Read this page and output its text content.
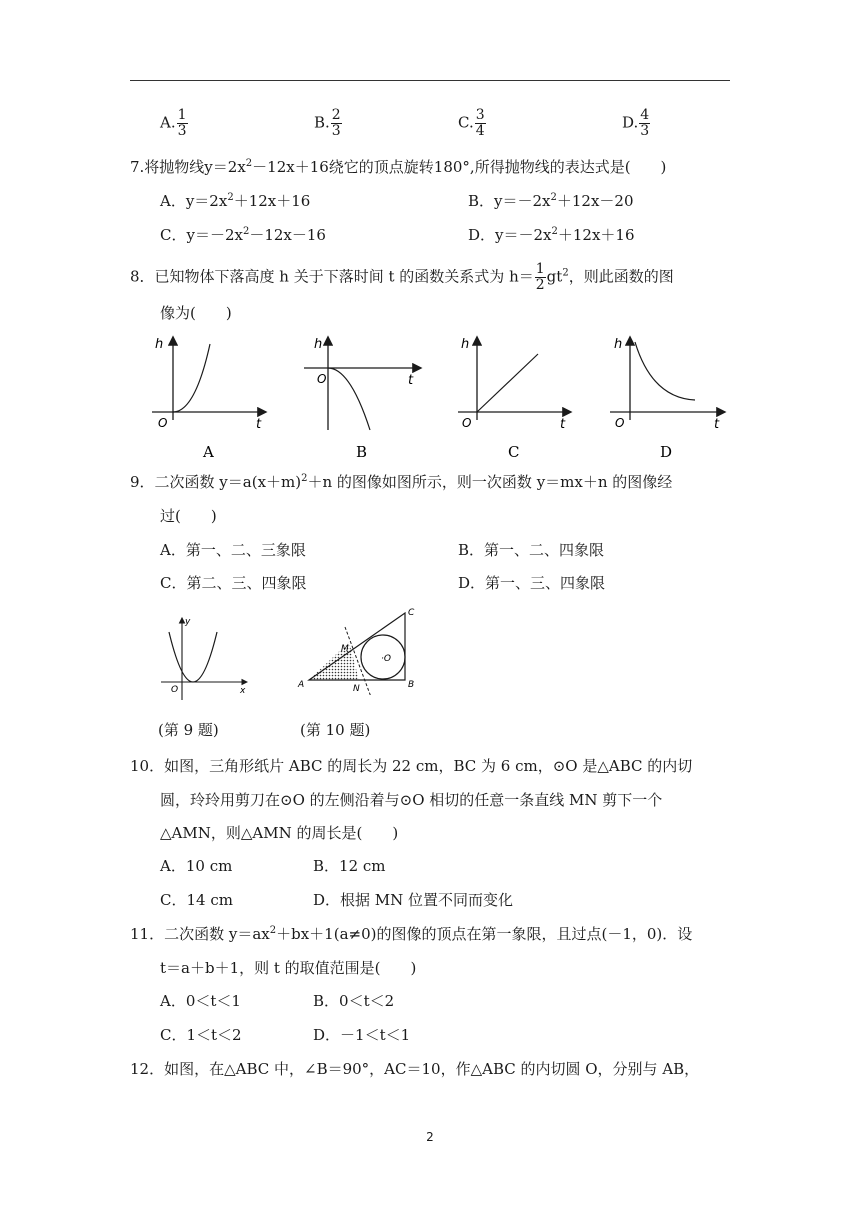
A. $\frac{1}{3}$	B. $\frac{2}{3}$	C. $\frac{3}{4}$	D. $\frac{4}{3}$
7.将抛物线$y=2x^2-12x+16$绕它的顶点旋转180°,所得抛物线的表达式是(　　)
A．$y=2x^2+12x+16$	B．$y=-2x^2+12x-20$
C．$y=-2x^2-12x-16$	D．$y=-2x^2+12x+16$
8．已知物体下落高度 h 关于下落时间 t 的函数关系式为 $h= \frac{1}{2} gt^2$，则此函数的图
像为(　　)
h
t
O
A
h
t
O
B
h
t
O
C
h
t
O
D
9．二次函数 $y=a(x+m)^2+n$ 的图像如图所示，则一次函数 y＝mx＋n 的图像经
过(　　)
A．第一、二、三象限	B．第一、二、四象限
C．第二、三、四象限	D．第一、三、四象限
y
x
O	A	B
C
M
N
·O
(第 9 题)	(第 10 题)
10．如图，三角形纸片 ABC 的周长为 22 cm，BC 为 6 cm，⊙O 是△ABC 的内切
圆，玲玲用剪刀在⊙O 的左侧沿着与⊙O 相切的任意一条直线 MN 剪下一个
△AMN，则△AMN 的周长是(　　)
A．10 cm	B．12 cm
C．14 cm	D．根据 MN 位置不同而变化
11．二次函数 $y=ax^2+bx+1(a\ne 0)$的图像的顶点在第一象限，且过点(－1，0)．设
t＝a＋b＋1，则 t 的取值范围是(　　)
A．0＜t＜1	B．0＜t＜2
C．1＜t＜2	D．－1＜t＜1
12．如图，在△ABC 中，∠B＝90°，AC＝10，作△ABC 的内切圆 O，分别与 AB，
2
